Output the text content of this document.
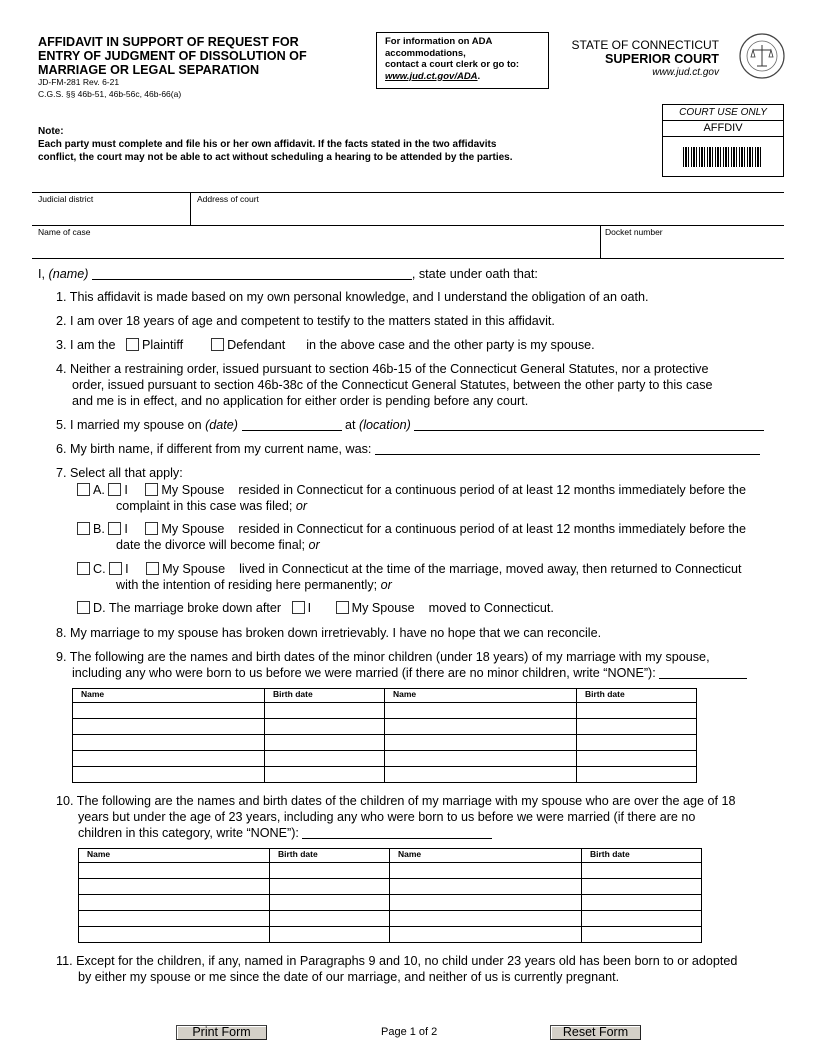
AFFIDAVIT IN SUPPORT OF REQUEST FOR
ENTRY OF JUDGMENT OF DISSOLUTION OF
MARRIAGE OR LEGAL SEPARATION
JD-FM-281 Rev. 6-21
C.G.S. §§ 46b-51, 46b-56c, 46b-66(a)
For information on ADA
accommodations,
contact a court clerk or go to:
www.jud.ct.gov/ADA.
STATE OF CONNECTICUT
SUPERIOR COURT
www.jud.ct.gov
COURT USE ONLY
AFFDIV
Note:
Each party must complete and file his or her own affidavit. If the facts stated in the two affidavits
conflict, the court may not be able to act without scheduling a hearing to be attended by the parties.
Judicial district	Address of court
Name of case	Docket number
I, (name)	, state under oath that:
1. This affidavit is made based on my own personal knowledge, and I understand the obligation of an oath.
2. I am over 18 years of age and competent to testify to the matters stated in this affidavit.
3. I am the Plaintiff	Defendant in the above case and the other party is my spouse.
4. Neither a restraining order, issued pursuant to section 46b-15 of the Connecticut General Statutes, nor a protective
order, issued pursuant to section 46b-38c of the Connecticut General Statutes, between the other party to this case
and me is in effect, and no application for either order is pending before any court.
5. I married my spouse on (date)	at (location)
6. My birth name, if different from my current name, was:
7. Select all that apply:
A. I	My Spouse resided in Connecticut for a continuous period of at least 12 months immediately before the
complaint in this case was filed; or
B. I	My Spouse resided in Connecticut for a continuous period of at least 12 months immediately before the
date the divorce will become final; or
C. I	My Spouse lived in Connecticut at the time of the marriage, moved away, then returned to Connecticut
with the intention of residing here permanently; or
D. The marriage broke down after I	My Spouse moved to Connecticut.
8. My marriage to my spouse has broken down irretrievably. I have no hope that we can reconcile.
9. The following are the names and birth dates of the minor children (under 18 years) of my marriage with my spouse,
including any who were born to us before we were married (if there are no minor children, write “NONE”):
Name	Birth date	Name	Birth date

10. The following are the names and birth dates of the children of my marriage with my spouse who are over the age of 18
years but under the age of 23 years, including any who were born to us before we were married (if there are no
children in this category, write “NONE”):
Name	Birth date	Name	Birth date

11. Except for the children, if any, named in Paragraphs 9 and 10, no child under 23 years old has been born to or adopted
by either my spouse or me since the date of our marriage, and neither of us is currently pregnant.
Print Form	Page 1 of 2	Reset Form
